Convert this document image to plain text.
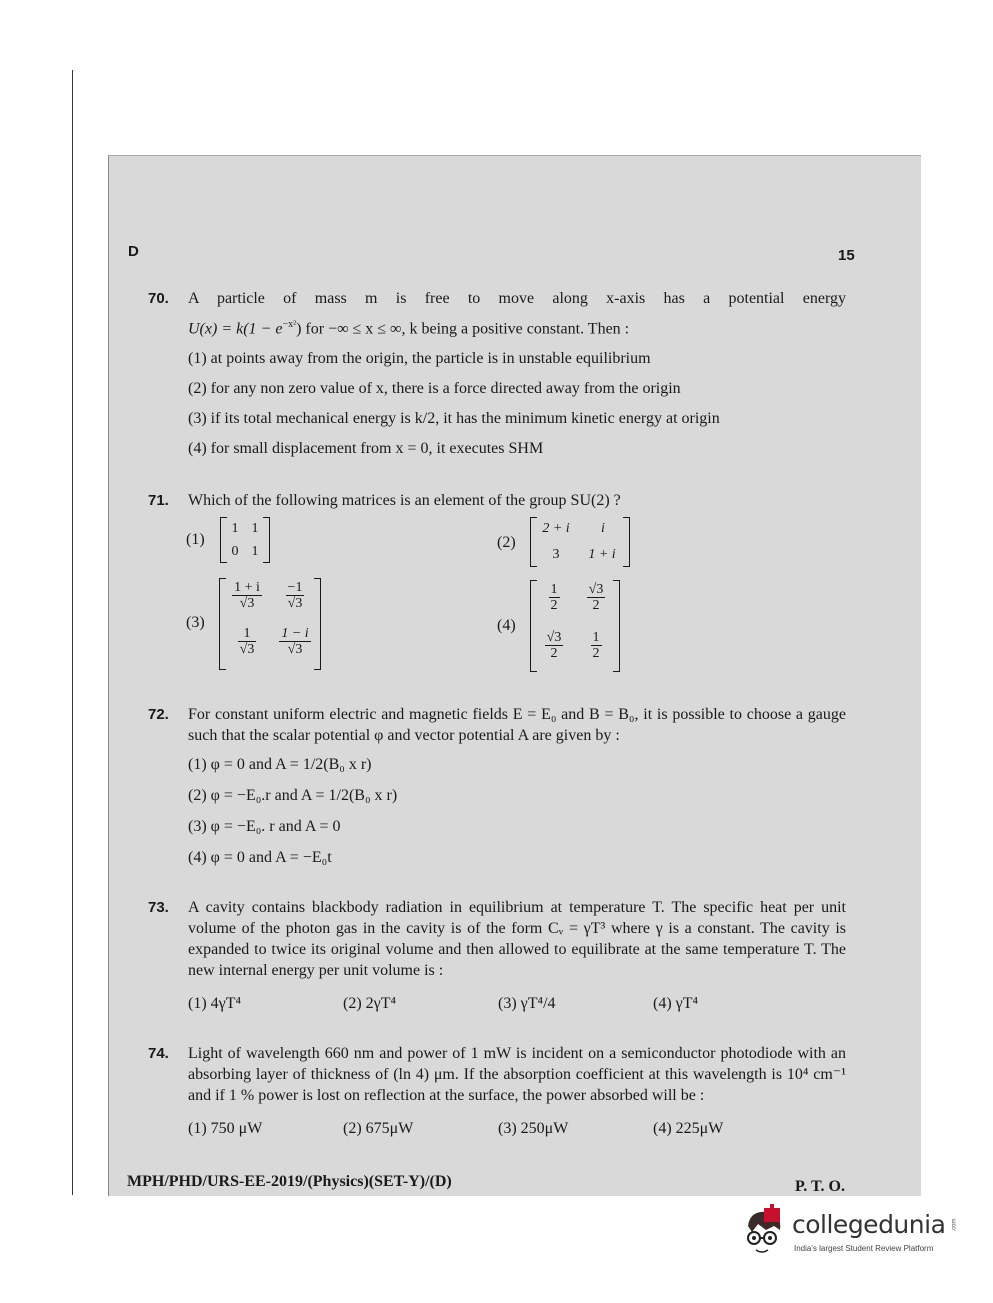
D	15
70. A particle of mass m is free to move along x-axis has a potential energy
$U(x) = k(1 - e^{-x^2})$ for −∞ ≤ x ≤ ∞, k being a positive constant. Then :
(1) at points away from the origin, the particle is in unstable equilibrium
(2) for any non zero value of x, there is a force directed away from the origin
(3) if its total mechanical energy is k/2, it has the minimum kinetic energy at origin
(4) for small displacement from x = 0, it executes SHM
71. Which of the following matrices is an element of the group SU(2) ?
(1)
1 1
0 1
(2)
2 + i	i
3	1 + i
(3)
$\frac{1 + i}{√3} \frac{-1}{√3}$
$\frac{1}{√3} \frac{1 - i}{√3}$
(4)
$\frac{1}{2} \frac{√3}{2}$
$\frac{√3}{2} \frac{1}{2}$
72. For constant uniform electric and magnetic fields E = E₀ and B = B₀, it is possible to choose a gauge such that the scalar potential φ and vector potential A are given by :
(1) φ = 0 and A = 1/2(B₀ x r)
(2) φ = −E₀.r and A = 1/2(B₀ x r)
(3) φ = −E₀. r and A = 0
(4) φ = 0 and A = −E₀t
73. A cavity contains blackbody radiation in equilibrium at temperature T. The specific heat per unit volume of the photon gas in the cavity is of the form Cᵥ = γT³ where γ is a constant. The cavity is expanded to twice its original volume and then allowed to equilibrate at the same temperature T. The new internal energy per unit volume is :
(1) 4γT⁴	(2) 2γT⁴	(3) γT⁴/4	(4) γT⁴
74. Light of wavelength 660 nm and power of 1 mW is incident on a semiconductor photodiode with an absorbing layer of thickness of (ln 4) μm. If the absorption coefficient at this wavelength is 10⁴ cm⁻¹ and if 1 % power is lost on reflection at the surface, the power absorbed will be :
(1) 750 μW	(2) 675μW	(3) 250μW	(4) 225μW
MPH/PHD/URS-EE-2019/(Physics)(SET-Y)/(D)	P. T. O.
collegedunia .com
India's largest Student Review Platform
